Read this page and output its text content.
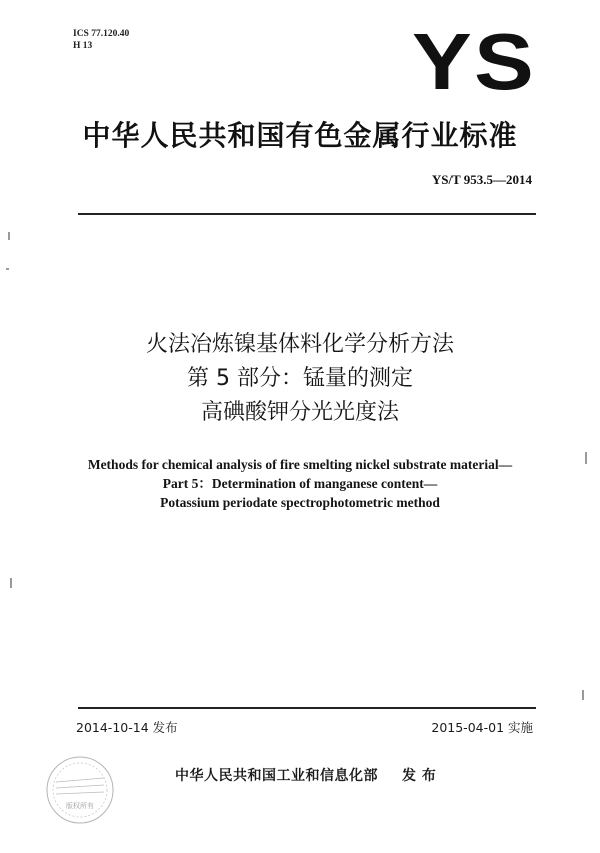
ICS 77.120.40
H 13	YS
中华人民共和国有色金属行业标准
YS/T 953.5—2014
火法冶炼镍基体料化学分析方法
第 5 部分：锰量的测定
高碘酸钾分光光度法
Methods for chemical analysis of fire smelting nickel substrate material—
Part 5：Determination of manganese content—
Potassium periodate spectrophotometric method
2014-10-14 发布	2015-04-01 实施
版权所有
中华人民共和国工业和信息化部 发 布
